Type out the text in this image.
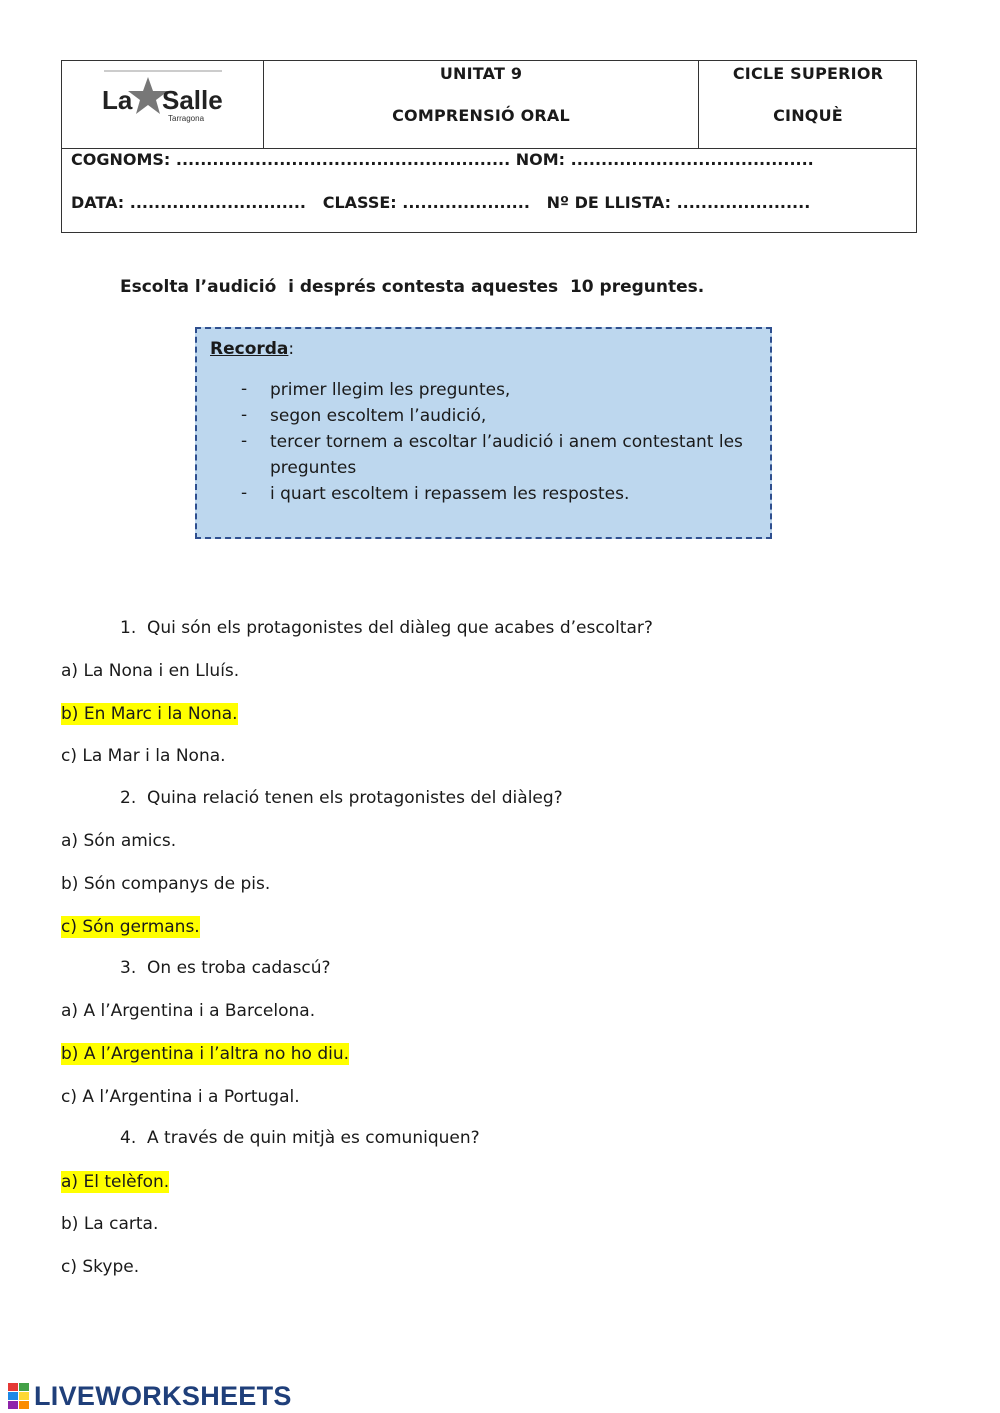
La Salle
Tarragona
UNITAT 9
COMPRENSIÓ ORAL
CICLE SUPERIOR
CINQUÈ
COGNOMS: ....................................................... NOM: ........................................
DATA: .............................   CLASSE: .....................   Nº DE LLISTA: ......................
Escolta l’audició  i després contesta aquestes  10 preguntes.
Recorda:
- primer llegim les preguntes,
- segon escoltem l’audició,
- tercer tornem a escoltar l’audició i anem contestant les preguntes
- i quart escoltem i repassem les respostes.
1.  Qui són els protagonistes del diàleg que acabes d’escoltar?
a) La Nona i en Lluís.
b) En Marc i la Nona.
c) La Mar i la Nona.
2.  Quina relació tenen els protagonistes del diàleg?
a) Són amics.
b) Són companys de pis.
c) Són germans.
3.  On es troba cadascú?
a) A l’Argentina i a Barcelona.
b) A l’Argentina i l’altra no ho diu.
c) A l’Argentina i a Portugal.
4.  A través de quin mitjà es comuniquen?
a) El telèfon.
b) La carta.
c) Skype.
LIVEWORKSHEETS
